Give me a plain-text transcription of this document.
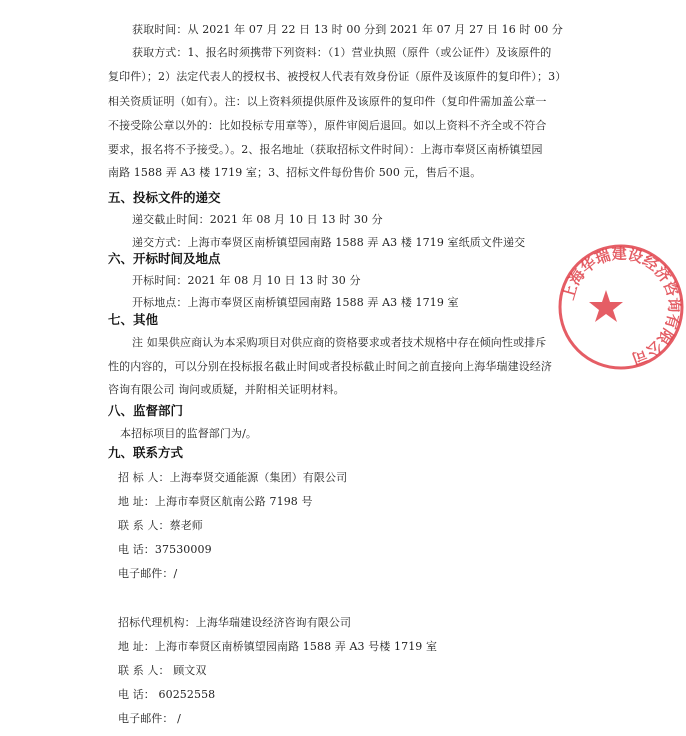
获取时间：从 2021 年 07 月 22 日 13 时 00 分到 2021 年 07 月 27 日 16 时 00 分
获取方式：1、报名时须携带下列资料：（1）营业执照（原件（或公证件）及该原件的
复印件）；2）法定代表人的授权书、被授权人代表有效身份证（原件及该原件的复印件）；3）
相关资质证明（如有）。注：以上资料须提供原件及该原件的复印件（复印件需加盖公章一
不接受除公章以外的：比如投标专用章等），原件审阅后退回。如以上资料不齐全或不符合
要求，报名将不予接受。）。2、报名地址（获取招标文件时间）：上海市奉贤区南桥镇望园
南路 1588 弄 A3 楼 1719 室；3、招标文件每份售价 500 元，售后不退。
五、投标文件的递交
递交截止时间：2021 年 08 月 10 日 13 时 30 分
递交方式：上海市奉贤区南桥镇望园南路 1588 弄 A3 楼 1719 室纸质文件递交
六、开标时间及地点
开标时间：2021 年 08 月 10 日 13 时 30 分
开标地点：上海市奉贤区南桥镇望园南路 1588 弄 A3 楼 1719 室
七、其他
注 如果供应商认为本采购项目对供应商的资格要求或者技术规格中存在倾向性或排斥
性的内容的，可以分别在投标报名截止时间或者投标截止时间之前直接向上海华瑞建设经济
咨询有限公司 询问或质疑，并附相关证明材料。
八、监督部门
本招标项目的监督部门为/。
九、联系方式
招 标 人：上海奉贤交通能源（集团）有限公司
地 址：上海市奉贤区航南公路 7198 号
联 系 人：蔡老师
电 话：37530009
电子邮件：/
招标代理机构：上海华瑞建设经济咨询有限公司
地 址：上海市奉贤区南桥镇望园南路 1588 弄 A3 号楼 1719 室
联 系 人： 顾文双
电 话： 60252558
电子邮件： /
上海华瑞建设经济咨询有限公司
